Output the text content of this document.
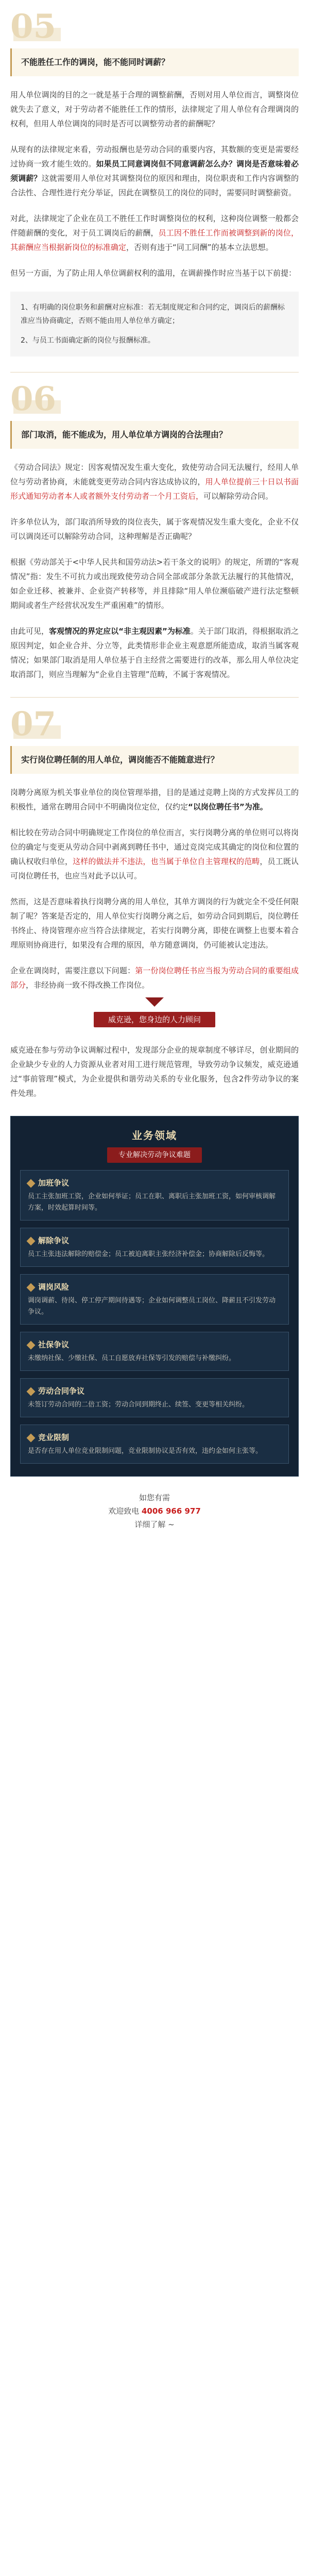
05
不能胜任工作的调岗，能不能同时调薪？

用人单位调岗的目的之一就是基于合理的调整薪酬，否则对用人单位而言，调整岗位就失去了意义，对于劳动者不能胜任工作的情形，法律规定了用人单位有合理调岗的权利，但用人单位调岗的同时是否可以调整劳动者的薪酬呢？

从现有的法律规定来看，劳动报酬也是劳动合同的重要内容，其数额的变更是需要经过协商一致才能生效的。如果员工同意调岗但不同意调薪怎么办？调岗是否意味着必须调薪？这就需要用人单位对其调整岗位的原因和理由，岗位职责和工作内容调整的合法性、合理性进行充分举证，因此在调整员工的岗位的同时，需要同时调整薪资。

对此，法律规定了企业在员工不胜任工作时调整岗位的权利，这种岗位调整一般都会伴随薪酬的变化，对于员工调岗后的薪酬，员工因不胜任工作而被调整到新的岗位，其薪酬应当根据新岗位的标准确定，否则有违于“同工同酬”的基本立法思想。

但另一方面，为了防止用人单位调薪权利的滥用，在调薪操作时应当基于以下前提：

1、有明确的岗位职务和薪酬对应标准：若无制度规定和合同约定，调岗后的薪酬标准应当协商确定，否则不能由用人单位单方确定；
2、与员工书面确定新的岗位与报酬标准。
06
部门取消，能不能成为，用人单位单方调岗的合法理由？

《劳动合同法》规定：因客观情况发生重大变化，致使劳动合同无法履行，经用人单位与劳动者协商，未能就变更劳动合同内容达成协议的，用人单位提前三十日以书面形式通知劳动者本人或者额外支付劳动者一个月工资后，可以解除劳动合同。

许多单位认为，部门取消所导致的岗位丧失，属于客观情况发生重大变化，企业不仅可以调岗还可以解除劳动合同，这种理解是否正确呢？

根据《劳动部关于<中华人民共和国劳动法>若干条文的说明》的规定，所谓的“客观情况”指：发生不可抗力或出现致使劳动合同全部或部分条款无法履行的其他情况，如企业迁移、被兼并、企业资产转移等，并且排除“用人单位濒临破产进行法定整顿期间或者生产经营状况发生严重困难”的情形。

由此可见，客观情况的界定应以“非主观因素”为标准。关于部门取消，得根据取消之原因判定，如企业合并、分立等，此类情形非企业主观意愿所能造成，取消当属客观情况；如果部门取消是用人单位基于自主经营之需要进行的改革，那么用人单位决定取消部门，则应当理解为“企业自主管理”范畴，不属于客观情况。

07
实行岗位聘任制的用人单位，调岗能否不能随意进行？

岗聘分离原为机关事业单位的岗位管理举措，目的是通过竞聘上岗的方式发挥员工的积极性，通常在聘用合同中不明确岗位定位，仅约定“以岗位聘任书”为准。

相比较在劳动合同中明确规定工作岗位的单位而言，实行岗聘分离的单位则可以将岗位的确定与变更从劳动合同中剥离到聘任书中，通过竞岗完成其确定的岗位和位置的确认权收归单位，这样的做法并不违法，也当属于单位自主管理权的范畴，员工既认可岗位聘任书，也应当对此予以认可。

然而，这是否意味着执行岗聘分离的用人单位，其单方调岗的行为就完全不受任何限制了呢？答案是否定的，用人单位实行岗聘分离之后，如劳动合同到期后，岗位聘任书终止、待岗管理亦应当符合法律规定，若实行岗聘分离，即使在调整上也要本着合理原则协商进行，如果没有合理的原因，单方随意调岗，仍可能被认定违法。

企业在调岗时，需要注意以下问题：第一份岗位聘任书应当报为劳动合同的重要组成部分，非经协商一致不得改换工作岗位。

威克逊，您身边的人力顾问

威克逊在参与劳动争议调解过程中，发现部分企业的规章制度不够详尽，创业期间的企业缺少专业的人力资源从业者对用工进行规范管理，导致劳动争议频发，威克逊通过“事前管理”模式，为企业提供和谐劳动关系的专业化服务，包含2件劳动争议的案件处理。

业务领域
专业解决劳动争议难题
加班争议
员工主张加班工资，企业如何举证；员工在职、离职后主张加班工资，如何审核调解方案，时效起算时间等。
解除争议
员工主张违法解除的赔偿金；员工被迫离职主张经济补偿金；协商解除后反悔等。
调岗风险
调岗调薪、待岗、停工停产期间待遇等；企业如何调整员工岗位、降薪且不引发劳动争议。
社保争议
未缴纳社保、少缴社保、员工自愿放弃社保等引发的赔偿与补缴纠纷。
劳动合同争议
未签订劳动合同的二倍工资；劳动合同到期终止、续签、变更等相关纠纷。
竞业限制
是否存在用人单位竞业限制问题，竞业限制协议是否有效，违约金如何主张等。
如您有需
欢迎致电 4006 966 977
详细了解 ~
